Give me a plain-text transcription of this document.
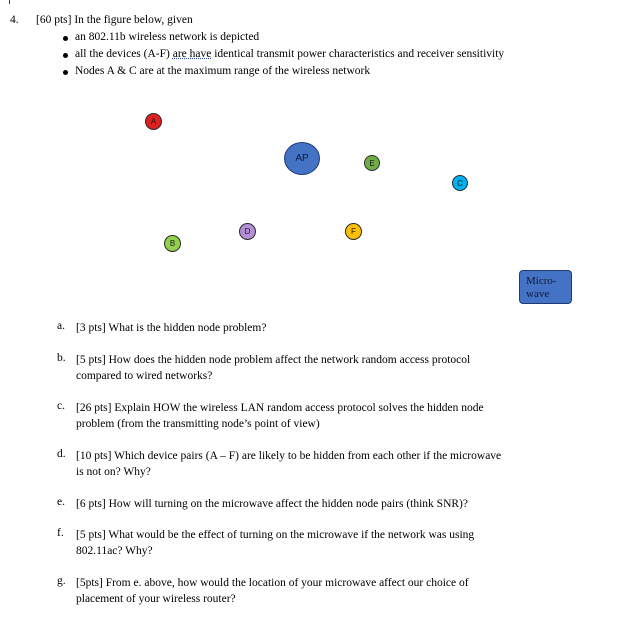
4. [60 pts] In the figure below, given
an 802.11b wireless network is depicted
all the devices (A-F) are have identical transmit power characteristics and receiver sensitivity
Nodes A & C are at the maximum range of the wireless network
A
AP	E
C
D	F
B
Micro-
wave
a. [3 pts] What is the hidden node problem?
b. [5 pts] How does the hidden node problem affect the network random access protocol
compared to wired networks?
c. [26 pts] Explain HOW the wireless LAN random access protocol solves the hidden node
problem (from the transmitting node’s point of view)
d. [10 pts] Which device pairs (A – F) are likely to be hidden from each other if the microwave
is not on? Why?
e. [6 pts] How will turning on the microwave affect the hidden node pairs (think SNR)?
f. [5 pts] What would be the effect of turning on the microwave if the network was using
802.11ac? Why?
g. [5pts] From e. above, how would the location of your microwave affect our choice of
placement of your wireless router?
